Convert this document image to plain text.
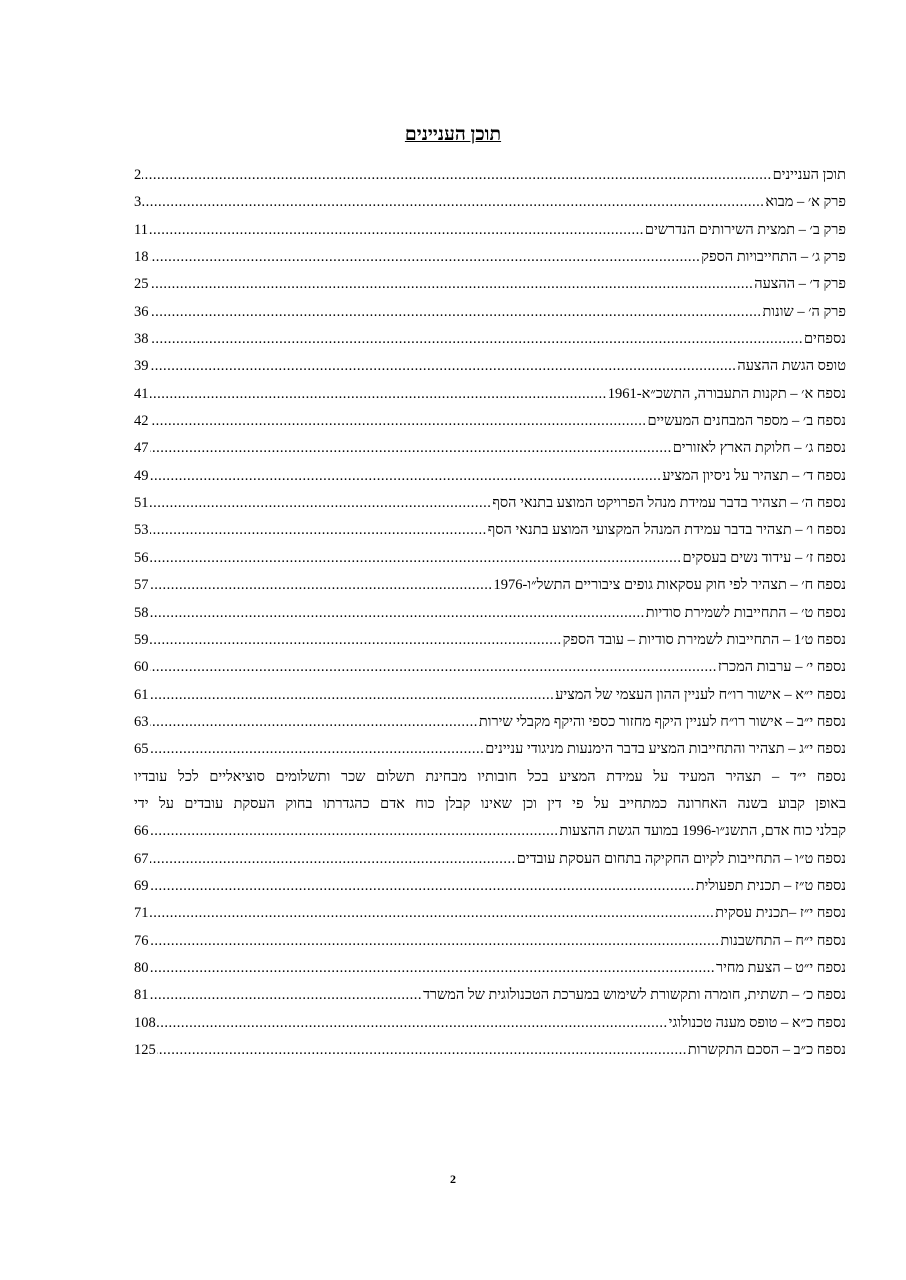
תוכן העניינים
תוכן העניינים
.....
2
פרק א׳ – מבוא
.....
3
פרק ב׳ – תמצית השירותים הנדרשים
.....
11
פרק ג׳ – התחייבויות הספק
.....
18
פרק ד׳ – ההצעה
.....
25
פרק ה׳ – שונות
.....
36
נספחים
.....
38
טופס הגשת ההצעה
.....
39
נספח א׳ – תקנות התעבורה, התשכ״א-1961
.....
41
נספח ב׳ – מספר המבחנים המעשיים
.....
42
נספח ג׳ – חלוקת הארץ לאזורים
.....
47
נספח ד׳ – תצהיר על ניסיון המציע
.....
49
נספח ה׳ – תצהיר בדבר עמידת מנהל הפרויקט המוצע בתנאי הסף
.....
51
נספח ו׳ – תצהיר בדבר עמידת המנהל המקצועי המוצע בתנאי הסף
.....
53
נספח ז׳ – עידוד נשים בעסקים
.....
56
נספח ח׳ – תצהיר לפי חוק עסקאות גופים ציבוריים התשל״ו-1976
.....
57
נספח ט׳ – התחייבות לשמירת סודיות
.....
58
נספח ט׳1 – התחייבות לשמירת סודיות – עובד הספק
.....
59
נספח י׳ – ערבות המכרז
.....
60
נספח י״א – אישור רו״ח לעניין ההון העצמי של המציע
.....
61
נספח י״ב – אישור רו״ח לעניין היקף מחזור כספי והיקף מקבלי שירות
.....
63
נספח י״ג – תצהיר והתחייבות המציע בדבר הימנעות מניגודי עניינים
.....
65
נספח י״ד – תצהיר המעיד על עמידת המציע בכל חובותיו מבחינת תשלום שכר ותשלומים סוציאליים לכל עובדיו
באופן קבוע בשנה האחרונה כמתחייב על פי דין וכן שאינו קבלן כוח אדם כהגדרתו בחוק העסקת עובדים על ידי
קבלני כוח אדם, התשנ״ו-1996 במועד הגשת ההצעות
.....
66
נספח ט״ו – התחייבות לקיום החקיקה בתחום העסקת עובדים
.....
67
נספח ט״ז – תכנית תפעולית
.....
69
נספח י״ז –תכנית עסקית
.....
71
נספח י״ח – התחשבנות
.....
76
נספח י״ט – הצעת מחיר
.....
80
נספח כ׳ – תשתית, חומרה ותקשורת לשימוש במערכת הטכנולוגית של המשרד
.....
81
נספח כ״א – טופס מענה טכנולוגי
.....
108
נספח כ״ב – הסכם התקשרות
.....
125
2
